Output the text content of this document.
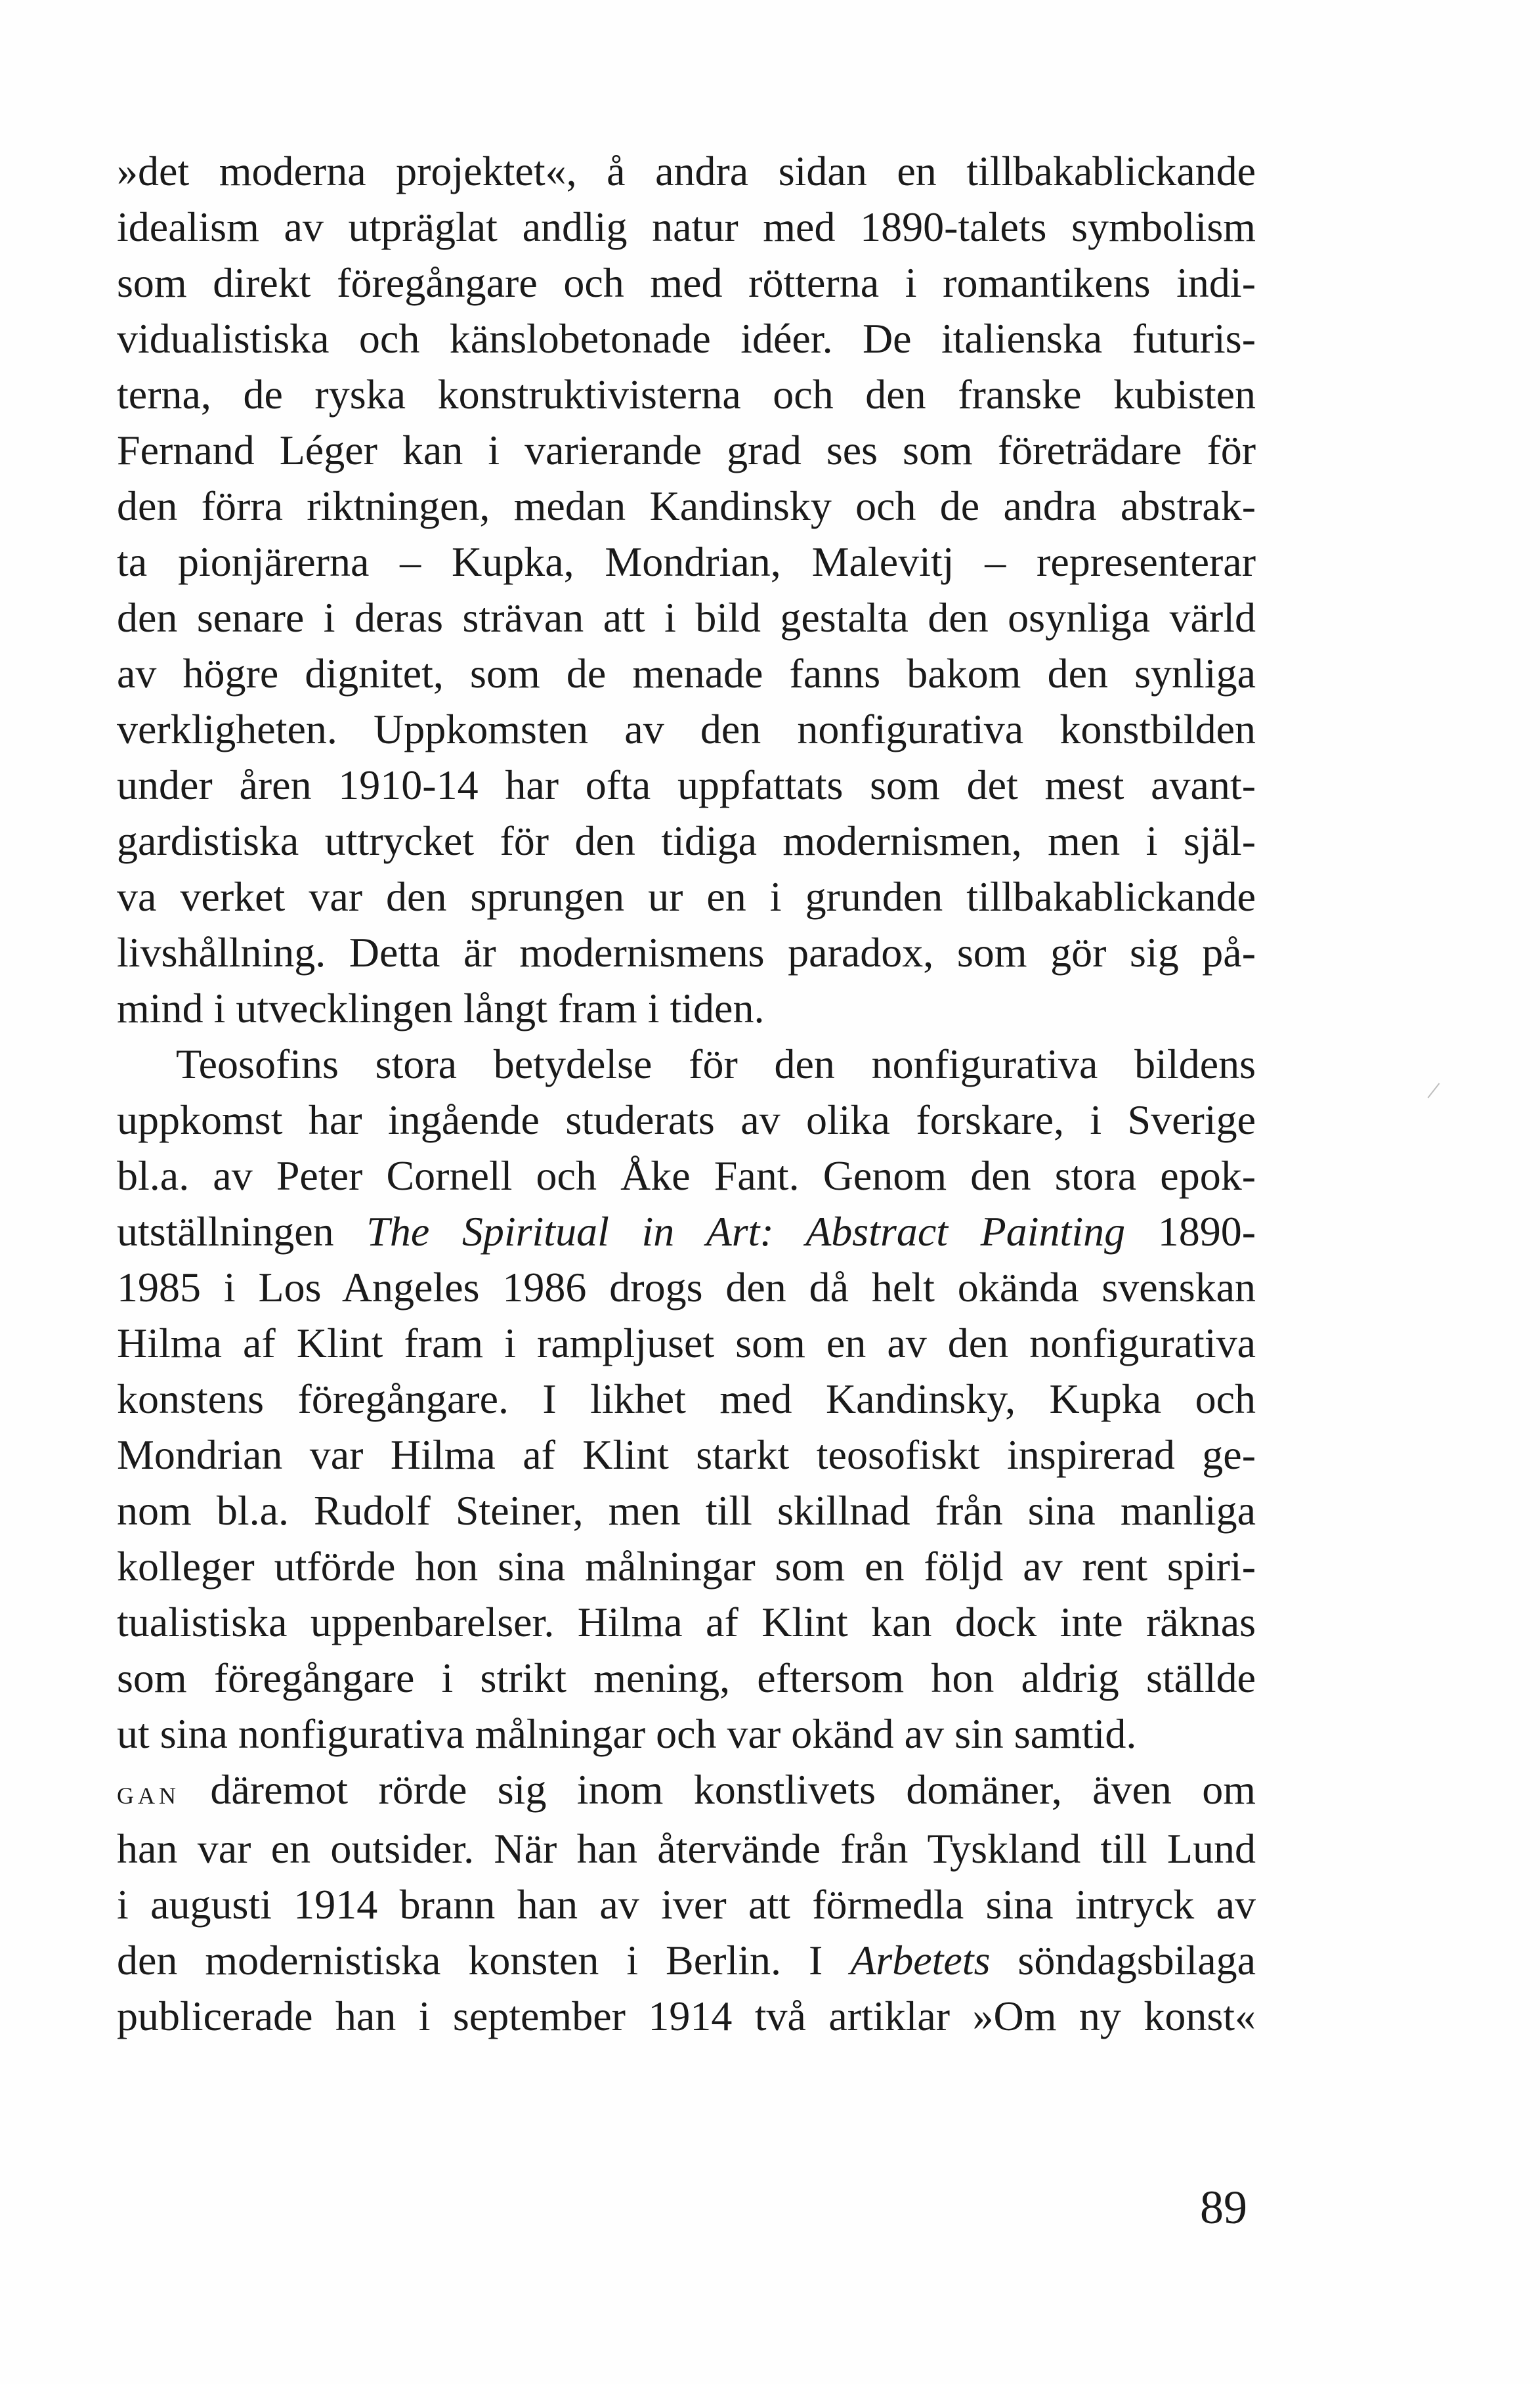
»det moderna projektet«, å andra sidan en tillbakablickande
idealism av utpräglat andlig natur med 1890-talets symbolism
som direkt föregångare och med rötterna i romantikens indi-
vidualistiska och känslobetonade idéer. De italienska futuris-
terna, de ryska konstruktivisterna och den franske kubisten
Fernand Léger kan i varierande grad ses som företrädare för
den förra riktningen, medan Kandinsky och de andra abstrak-
ta pionjärerna – Kupka, Mondrian, Malevitj – representerar
den senare i deras strävan att i bild gestalta den osynliga värld
av högre dignitet, som de menade fanns bakom den synliga
verkligheten. Uppkomsten av den nonfigurativa konstbilden
under åren 1910-14 har ofta uppfattats som det mest avant-
gardistiska uttrycket för den tidiga modernismen, men i själ-
va verket var den sprungen ur en i grunden tillbakablickande
livshållning. Detta är modernismens paradox, som gör sig på-
mind i utvecklingen långt fram i tiden.

Teosofins stora betydelse för den nonfigurativa bildens
uppkomst har ingående studerats av olika forskare, i Sverige
bl.a. av Peter Cornell och Åke Fant. Genom den stora epok-
utställningen The Spiritual in Art: Abstract Painting 1890-
1985 i Los Angeles 1986 drogs den då helt okända svenskan
Hilma af Klint fram i rampljuset som en av den nonfigurativa
konstens föregångare. I likhet med Kandinsky, Kupka och
Mondrian var Hilma af Klint starkt teosofiskt inspirerad ge-
nom bl.a. Rudolf Steiner, men till skillnad från sina manliga
kolleger utförde hon sina målningar som en följd av rent spiri-
tualistiska uppenbarelser. Hilma af Klint kan dock inte räknas
som föregångare i strikt mening, eftersom hon aldrig ställde
ut sina nonfigurativa målningar och var okänd av sin samtid.

gan däremot rörde sig inom konstlivets domäner, även om
han var en outsider. När han återvände från Tyskland till Lund
i augusti 1914 brann han av iver att förmedla sina intryck av
den modernistiska konsten i Berlin. I Arbetets söndagsbilaga
publicerade han i september 1914 två artiklar »Om ny konst«

89
